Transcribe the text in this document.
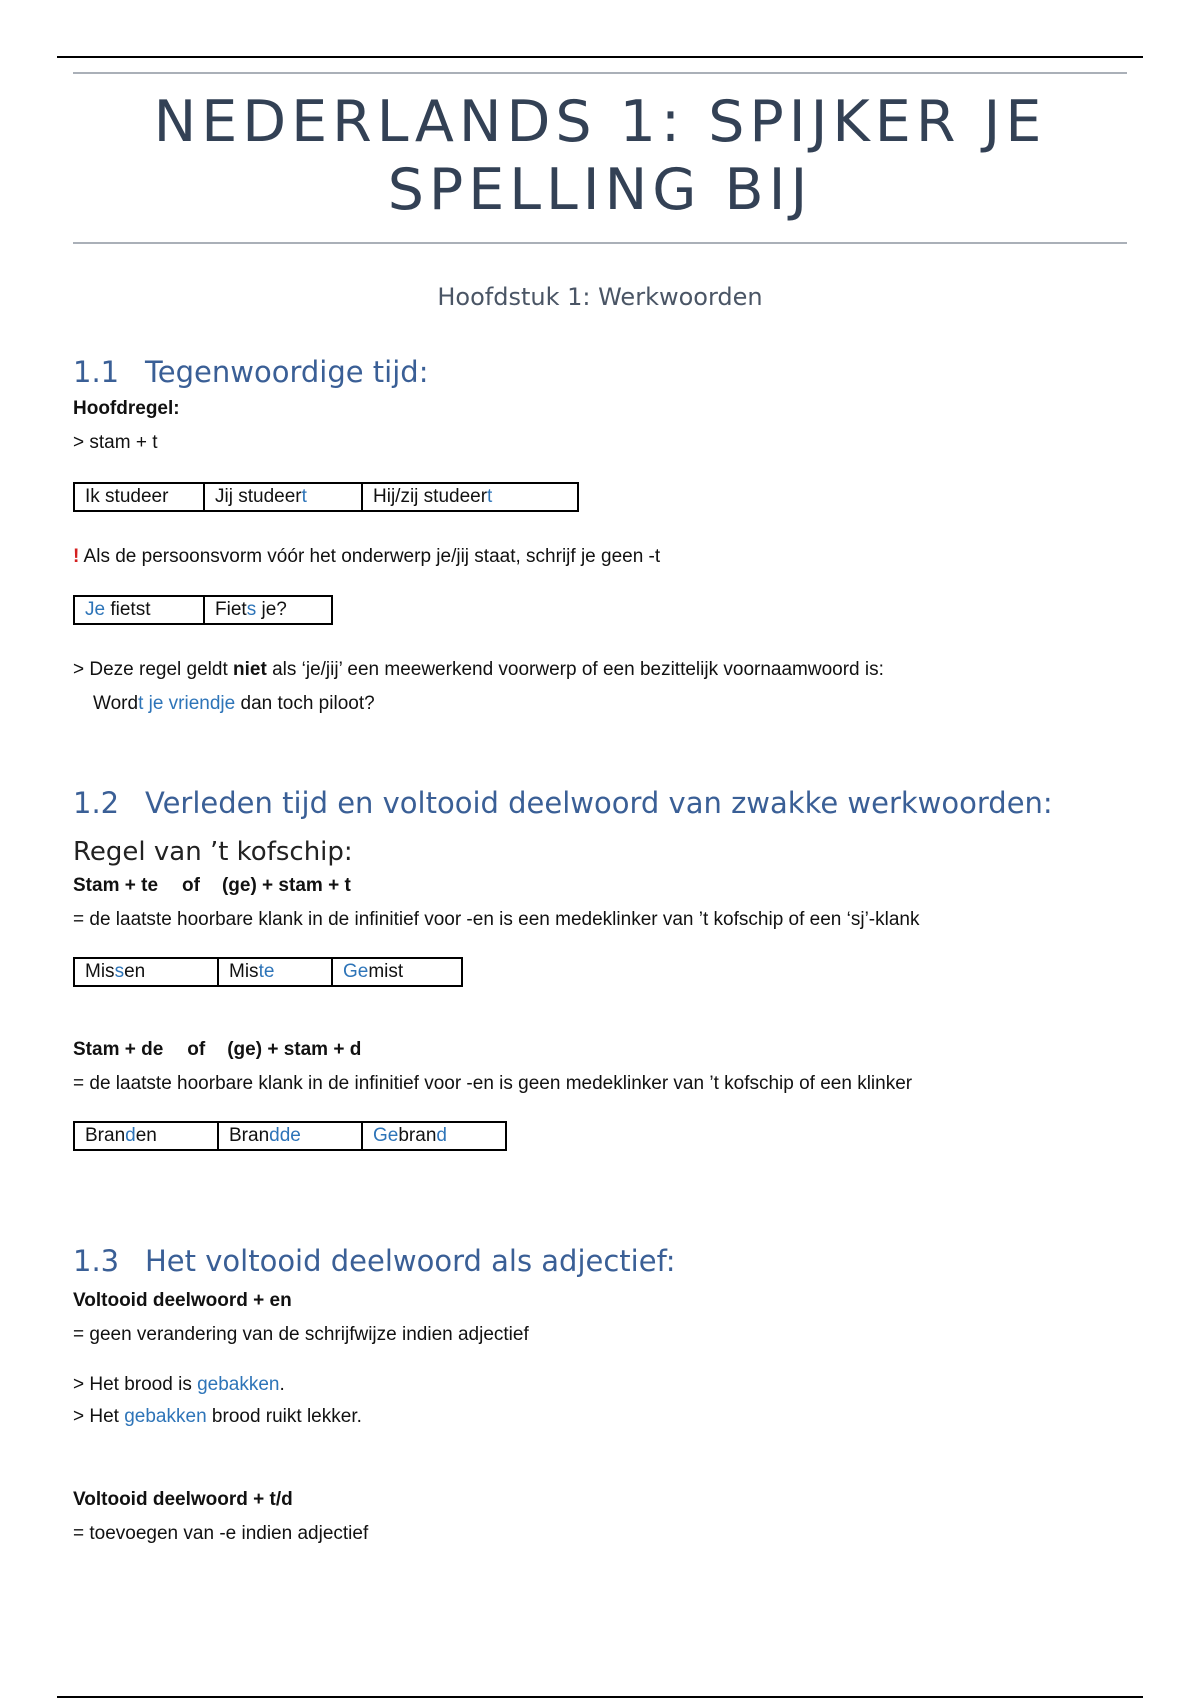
NEDERLANDS 1: SPIJKER JE SPELLING BIJ
Hoofdstuk 1: Werkwoorden
1.1 Tegenwoordige tijd:
Hoofdregel:
> stam + t
Ik studeer	Jij studeert	Hij/zij studeert
! Als de persoonsvorm vóór het onderwerp je/jij staat, schrijf je geen -t
Je fietst	Fiets je?
> Deze regel geldt niet als ‘je/jij’ een meewerkend voorwerp of een bezittelijk voornaamwoord is:
Wordt je vriendje dan toch piloot?
1.2 Verleden tijd en voltooid deelwoord van zwakke werkwoorden:
Regel van ’t kofschip:
Stam + te of (ge) + stam + t
= de laatste hoorbare klank in de infinitief voor -en is een medeklinker van ’t kofschip of een ‘sj’-klank
Missen	Miste	Gemist
Stam + de of (ge) + stam + d
= de laatste hoorbare klank in de infinitief voor -en is geen medeklinker van ’t kofschip of een klinker
Branden	Brandde	Gebrand
1.3 Het voltooid deelwoord als adjectief:
Voltooid deelwoord + en
= geen verandering van de schrijfwijze indien adjectief
> Het brood is gebakken.
> Het gebakken brood ruikt lekker.
Voltooid deelwoord + t/d
= toevoegen van -e indien adjectief
